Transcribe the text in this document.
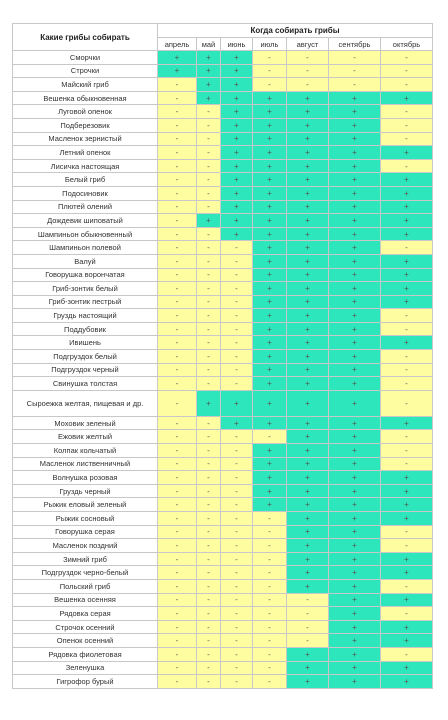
Какие грибы собирать	Когда собирать грибы						
	апрель	май	июнь	июль	август	сентябрь	октябрь
Сморчки	+	+	+	-	-	-	-
Строчки	+	+	+	-	-	-	-
Майский гриб	-	+	+	-	-	-	-
Вешенка обыкновенная	-	+	+	+	+	+	+
Луговой опенок	-	-	+	+	+	+	-
Подберезовик	-	-	+	+	+	+	-
Масленок зернистый	-	-	+	+	+	+	-
Летний опенок	-	-	+	+	+	+	+
Лисичка настоящая	-	-	+	+	+	+	-
Белый гриб	-	-	+	+	+	+	+
Подосиновик	-	-	+	+	+	+	+
Плютей олений	-	-	+	+	+	+	+
Дождевик шиповатый	-	+	+	+	+	+	+
Шампиньон обыкновенный	-	-	+	+	+	+	+
Шампиньон полевой	-	-	-	+	+	+	-
Валуй	-	-	-	+	+	+	+
Говорушка ворончатая	-	-	-	+	+	+	+
Гриб-зонтик белый	-	-	-	+	+	+	+
Гриб-зонтик пестрый	-	-	-	+	+	+	+
Груздь настоящий	-	-	-	+	+	+	-
Поддубовик	-	-	-	+	+	+	-
Ивишень	-	-	-	+	+	+	+
Подгруздок белый	-	-	-	+	+	+	-
Подгруздок черный	-	-	-	+	+	+	-
Свинушка толстая	-	-	-	+	+	+	-
Сыроежка желтая, пищевая и др.	-	+	+	+	+	+	-
Моховик зеленый	-	-	+	+	+	+	+
Ежовик желтый	-	-	-	-	+	+	-
Колпак кольчатый	-	-	-	+	+	+	-
Масленок лиственничный	-	-	-	+	+	+	-
Волнушка розовая	-	-	-	+	+	+	+
Груздь черный	-	-	-	+	+	+	+
Рыжик еловый зеленый	-	-	-	+	+	+	+
Рыжик сосновый	-	-	-	-	+	+	+
Говорушка серая	-	-	-	-	+	+	-
Масленок поздний	-	-	-	-	+	+	-
Зимний гриб	-	-	-	-	+	+	+
Подгруздок черно-белый	-	-	-	-	+	+	+
Польский гриб	-	-	-	-	+	+	-
Вешенка осенняя	-	-	-	-	-	+	+
Рядовка серая	-	-	-	-	-	+	-
Строчок осенний	-	-	-	-	-	+	+
Опенок осенний	-	-	-	-	-	+	+
Рядовка фиолетовая	-	-	-	-	+	+	-
Зеленушка	-	-	-	-	+	+	+
Гигрофор бурый	-	-	-	-	+	+	+
